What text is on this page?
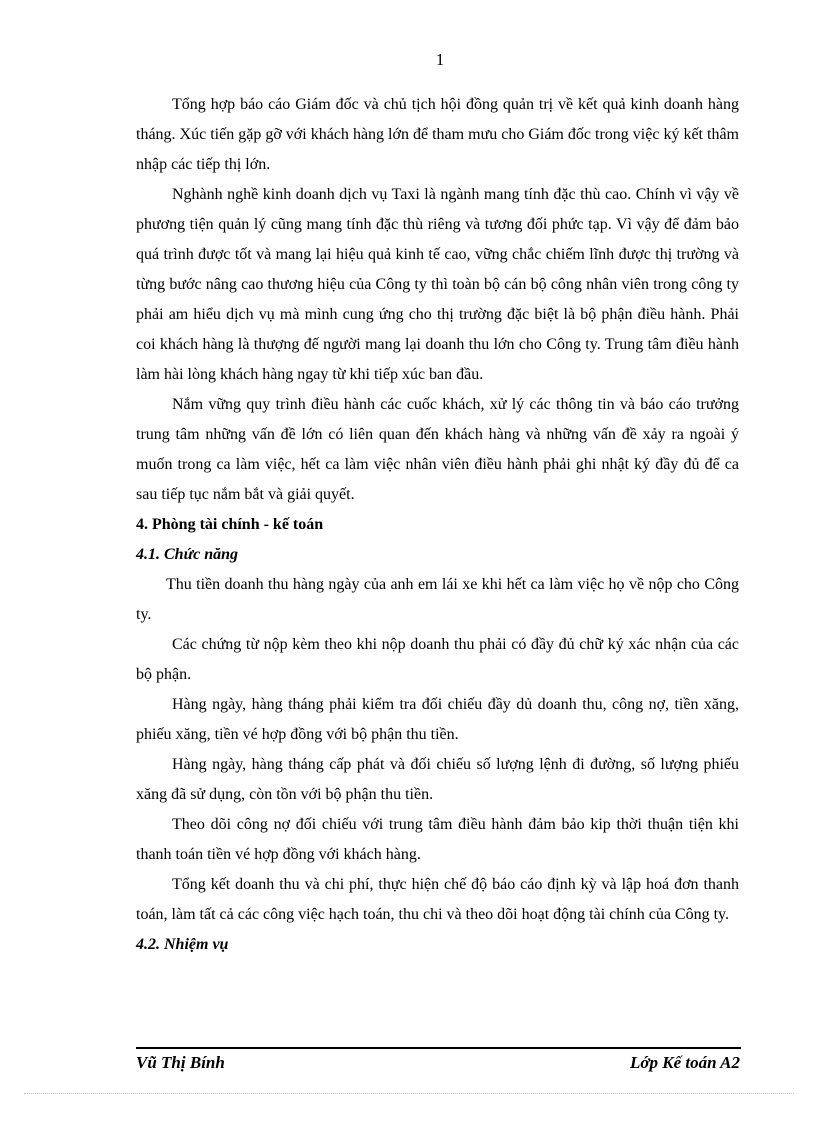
1

Tổng hợp báo cáo Giám đốc và chủ tịch hội đồng quản trị về kết quả kinh doanh hàng tháng. Xúc tiến gặp gỡ với khách hàng lớn để tham mưu cho Giám đốc trong việc ký kết thâm nhập các tiếp thị lớn.

Nghành nghề kinh doanh dịch vụ Taxi là ngành mang tính đặc thù cao. Chính vì vậy về phương tiện quản lý cũng mang tính đặc thù riêng và tương đối phức tạp. Vì vậy để đảm bảo quá trình được tốt và mang lại hiệu quả kinh tế cao, vững chắc chiếm lĩnh được thị trường và từng bước nâng cao thương hiệu của Công ty thì toàn bộ cán bộ công nhân viên trong công ty phải am hiểu dịch vụ mà mình cung ứng cho thị trường đặc biệt là bộ phận điều hành. Phải coi khách hàng là thượng đế người mang lại doanh thu lớn cho Công ty. Trung tâm điều hành làm hài lòng khách hàng ngay từ khi tiếp xúc ban đầu.

Nắm vững quy trình điều hành các cuốc khách, xử lý các thông tin và báo cáo trưởng trung tâm những vấn đề lớn có liên quan đến khách hàng và những vấn đề xảy ra ngoài ý muốn trong ca làm việc, hết ca làm việc nhân viên điều hành phải ghi nhật ký đầy đủ để ca sau tiếp tục nắm bắt và giải quyết.

4. Phòng tài chính - kế toán

4.1. Chức năng

Thu tiền doanh thu hàng ngày của anh em lái xe khi hết ca làm việc họ về nộp cho Công ty.

Các chứng từ nộp kèm theo khi nộp doanh thu phải có đầy đủ chữ ký xác nhận của các bộ phận.

Hàng ngày, hàng tháng phải kiểm tra đối chiếu đầy dủ doanh thu, công nợ, tiền xăng, phiếu xăng, tiền vé hợp đồng với bộ phận thu tiền.

Hàng ngày, hàng tháng cấp phát và đối chiếu số lượng lệnh đi đường, số lượng phiếu xăng đã sử dụng, còn tồn với bộ phận thu tiền.

Theo dõi công nợ đối chiếu với trung tâm điều hành đảm bảo kip thời thuận tiện khi thanh toán tiền vé hợp đồng với khách hàng.

Tổng kết doanh thu và chi phí, thực hiện chế độ báo cáo định kỳ và lập hoá đơn thanh toán, làm tất cả các công việc hạch toán, thu chi và theo dõi hoạt động tài chính của Công ty.

4.2. Nhiệm vụ

Vũ Thị Bính	Lớp Kế toán A2
